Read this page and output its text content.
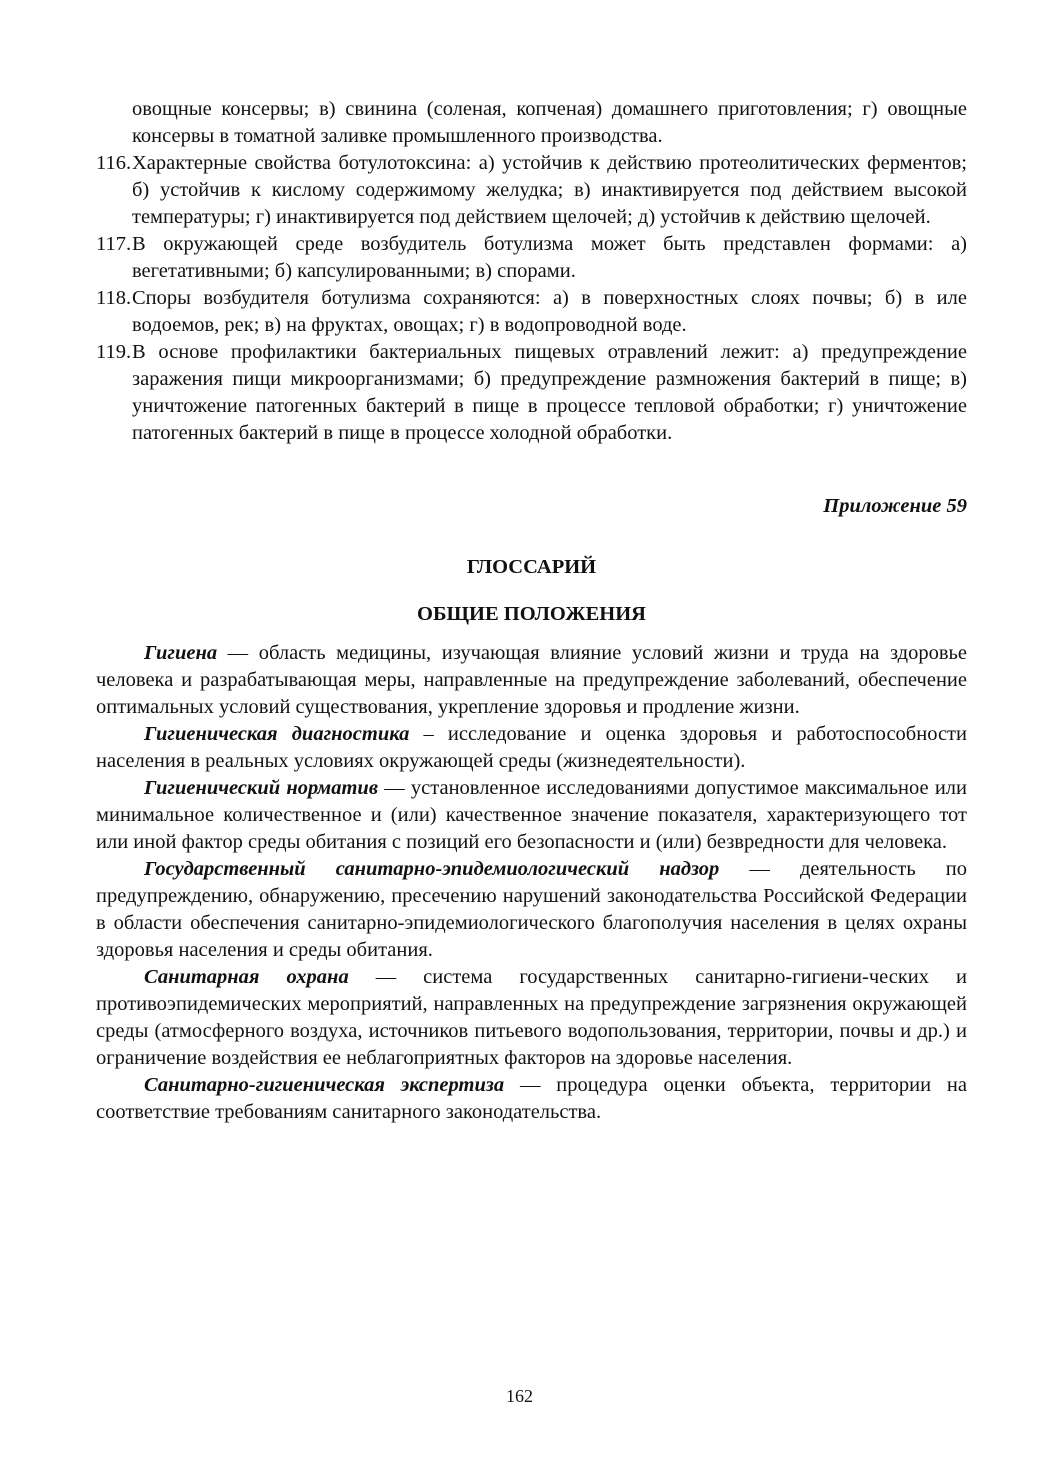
овощные консервы; в) свинина (соленая, копченая) домашнего приготовления; г) овощные консервы в томатной заливке промышленного производства.

116. Характерные свойства ботулотоксина: а) устойчив к действию протеолитических ферментов; б) устойчив к кислому содержимому желудка; в) инактивируется под действием высокой температуры; г) инактивируется под действием щелочей; д) устойчив к действию щелочей.

117. В окружающей среде возбудитель ботулизма может быть представлен формами: а) вегетативными; б) капсулированными; в) спорами.

118. Споры возбудителя ботулизма сохраняются: а) в поверхностных слоях почвы; б) в иле водоемов, рек; в) на фруктах, овощах; г) в водопроводной воде.

119. В основе профилактики бактериальных пищевых отравлений лежит: а) предупреждение заражения пищи микроорганизмами; б) предупреждение размножения бактерий в пище; в) уничтожение патогенных бактерий в пище в процессе тепловой обработки; г) уничтожение патогенных бактерий в пище в процессе холодной обработки.

Приложение 59
ГЛОССАРИЙ
ОБЩИЕ ПОЛОЖЕНИЯ

Гигиена — область медицины, изучающая влияние условий жизни и труда на здоровье человека и разрабатывающая меры, направленные на предупреждение заболеваний, обеспечение оптимальных условий существования, укрепление здоровья и продление жизни.

Гигиеническая диагностика – исследование и оценка здоровья и работоспособности населения в реальных условиях окружающей среды (жизнедеятельности).

Гигиенический норматив — установленное исследованиями допустимое максимальное или минимальное количественное и (или) качественное значение показателя, характеризующего тот или иной фактор среды обитания с позиций его безопасности и (или) безвредности для человека.

Государственный санитарно-эпидемиологический надзор — деятельность по предупреждению, обнаружению, пресечению нарушений законодательства Российской Федерации в области обеспечения санитарно-эпидемиологического благополучия населения в целях охраны здоровья населения и среды обитания.

Санитарная охрана — система государственных санитарно-гигиени-ческих и противоэпидемических мероприятий, направленных на предупреждение загрязнения окружающей среды (атмосферного воздуха, источников питьевого водопользования, территории, почвы и др.) и ограничение воздействия ее неблагоприятных факторов на здоровье населения.

Санитарно-гигиеническая экспертиза — процедура оценки объекта, территории на соответствие требованиям санитарного законодательства.

162
